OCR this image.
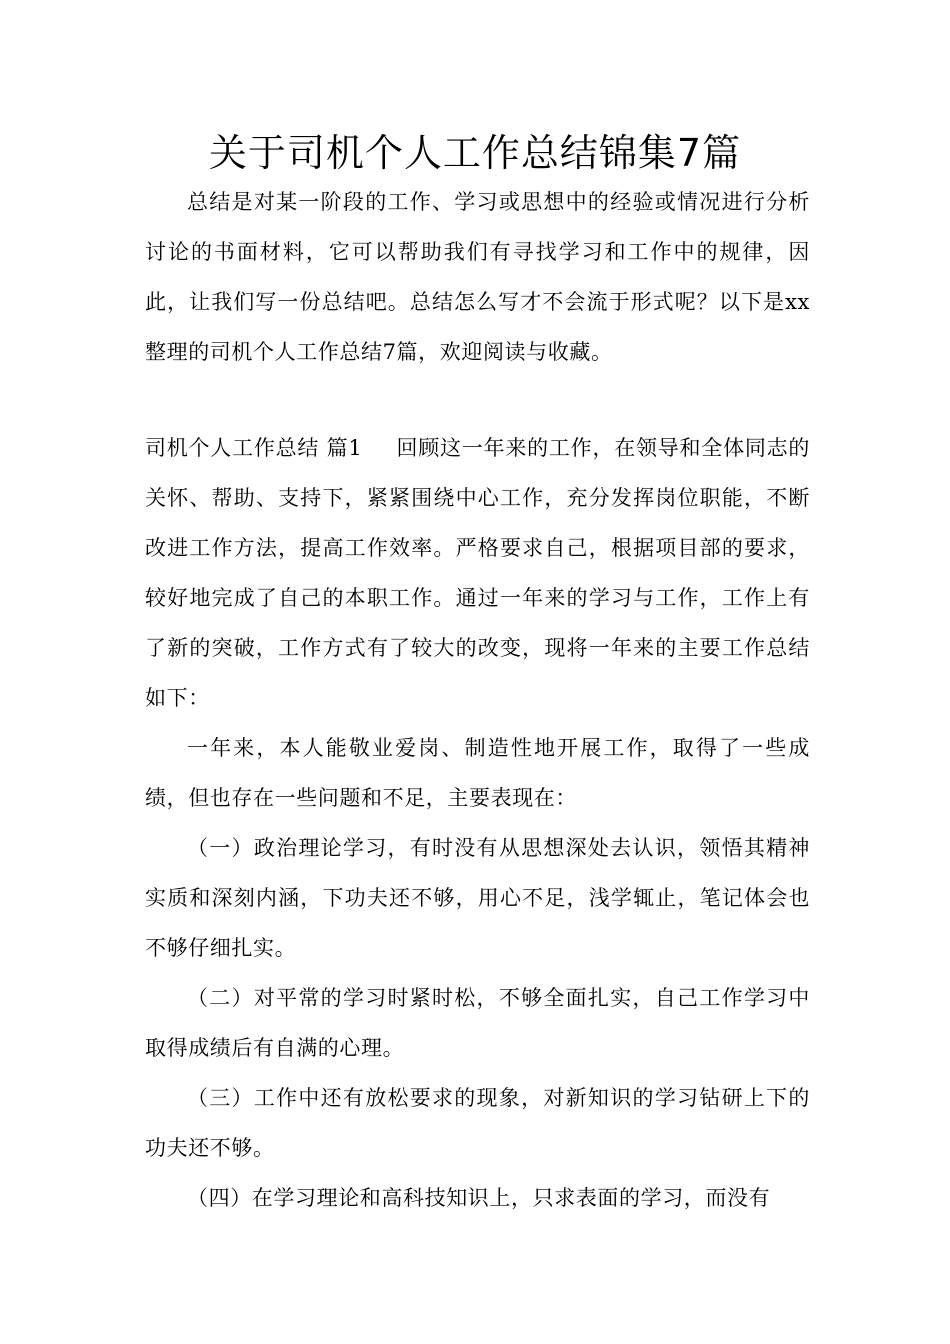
关于司机个人工作总结锦集7篇

总结是对某一阶段的工作、学习或思想中的经验或情况进行分析讨论的书面材料，它可以帮助我们有寻找学习和工作中的规律，因此，让我们写一份总结吧。总结怎么写才不会流于形式呢？以下是xx整理的司机个人工作总结7篇，欢迎阅读与收藏。

司机个人工作总结 篇1 回顾这一年来的工作，在领导和全体同志的关怀、帮助、支持下，紧紧围绕中心工作，充分发挥岗位职能，不断改进工作方法，提高工作效率。严格要求自己，根据项目部的要求，较好地完成了自己的本职工作。通过一年来的学习与工作，工作上有了新的突破，工作方式有了较大的改变，现将一年来的主要工作总结如下：

一年来，本人能敬业爱岗、制造性地开展工作，取得了一些成绩，但也存在一些问题和不足，主要表现在：

（一）政治理论学习，有时没有从思想深处去认识，领悟其精神实质和深刻内涵，下功夫还不够，用心不足，浅学辄止，笔记体会也不够仔细扎实。

（二）对平常的学习时紧时松，不够全面扎实，自己工作学习中取得成绩后有自满的心理。

（三）工作中还有放松要求的现象，对新知识的学习钻研上下的功夫还不够。

（四）在学习理论和高科技知识上，只求表面的学习，而没有
